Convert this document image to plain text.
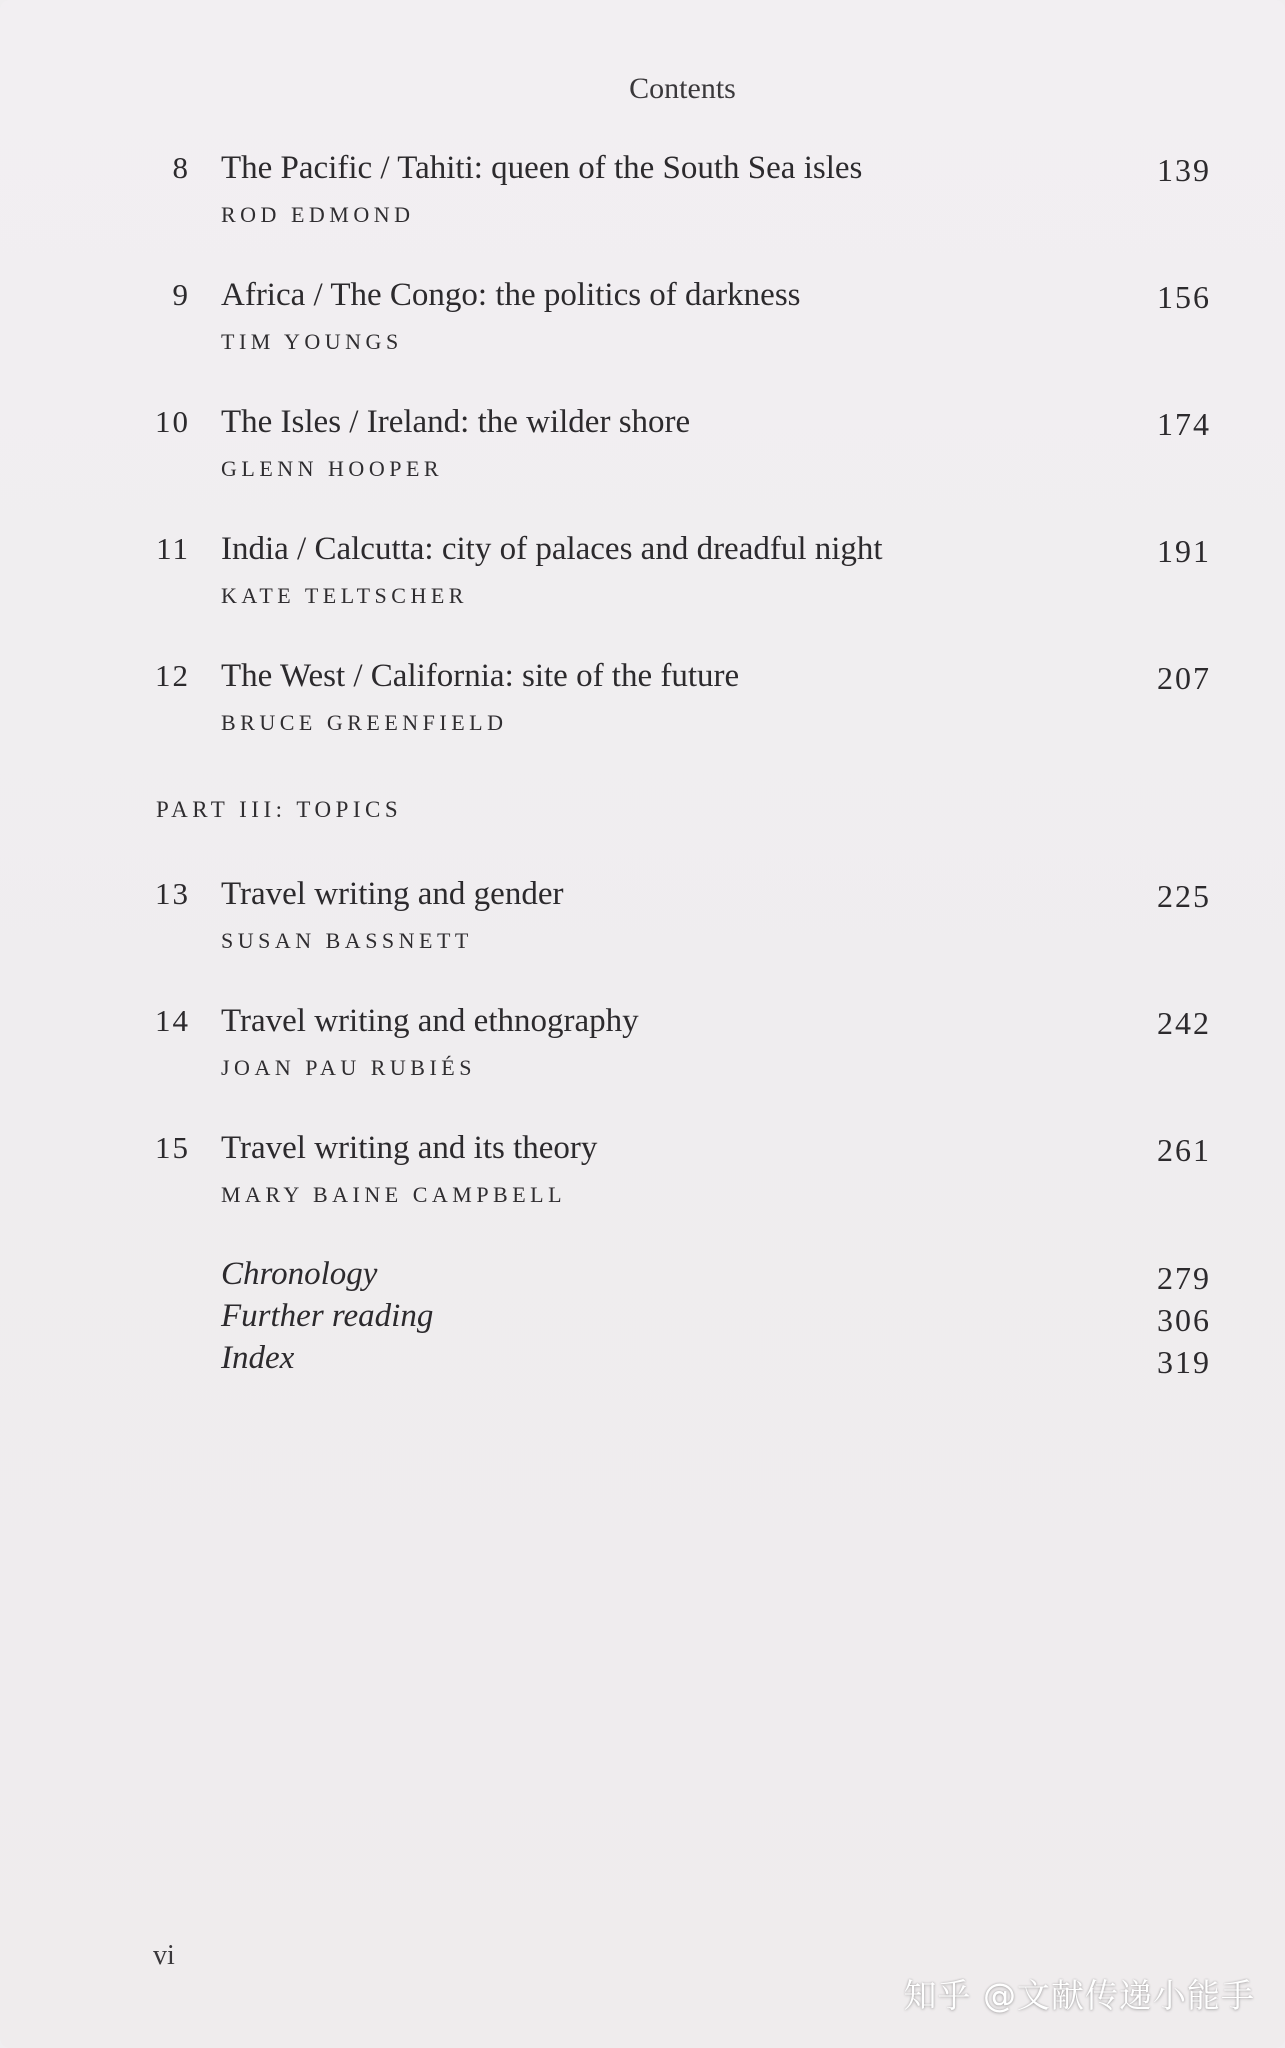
Contents
8 The Pacific / Tahiti: queen of the South Sea isles	139
ROD EDMOND
9 Africa / The Congo: the politics of darkness	156
TIM YOUNGS
10 The Isles / Ireland: the wilder shore	174
GLENN HOOPER
11 India / Calcutta: city of palaces and dreadful night	191
KATE TELTSCHER
12 The West / California: site of the future	207
BRUCE GREENFIELD
PART III: TOPICS
13 Travel writing and gender	225
SUSAN BASSNETT
14 Travel writing and ethnography	242
JOAN PAU RUBIÉS
15 Travel writing and its theory	261
MARY BAINE CAMPBELL
Chronology	279
Further reading	306
Index	319
vi
知乎 @文献传递小能手
